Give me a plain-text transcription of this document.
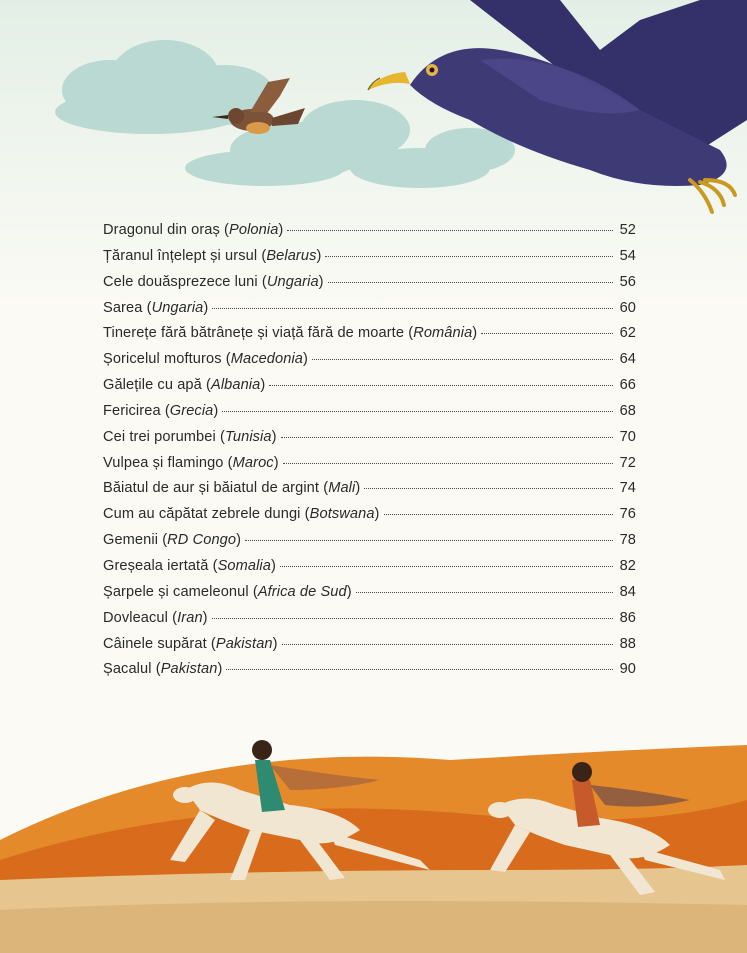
Dragonul din oraș (Polonia)	52
Țăranul înțelept și ursul (Belarus)	54
Cele douăsprezece luni (Ungaria)	56
Sarea (Ungaria)	60
Tinerețe fără bătrânețe și viață fără de moarte (România)	62
Șoricelul mofturos (Macedonia)	64
Gălețile cu apă (Albania)	66
Fericirea (Grecia)	68
Cei trei porumbei (Tunisia)	70
Vulpea și flamingo (Maroc)	72
Băiatul de aur și băiatul de argint (Mali)	74
Cum au căpătat zebrele dungi (Botswana)	76
Gemenii (RD Congo)	78
Greșeala iertată (Somalia)	82
Șarpele și cameleonul (Africa de Sud)	84
Dovleacul (Iran)	86
Câinele supărat (Pakistan)	88
Șacalul (Pakistan)	90
